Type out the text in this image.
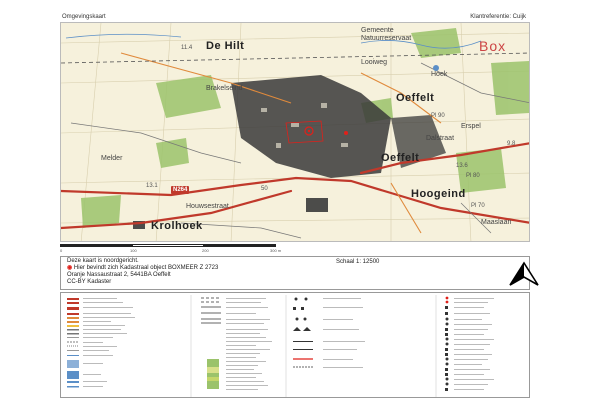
Omgevingskaart	Klantreferentie: Cuijk
De Hilt
Gemeente
Natuurreservaat	Box
11.4
Looiweg
Hoek
Brakelseind
Oeffelt
Pl 90
Erspel
Dalstraat
9.8
Oeffelt
13.6
Pl 80
Melder
13.1
N264	50	Hoogeind
Houwsestraat	Pl 70
Maaslaan
Krolhoek
0	100	200	300 m
Deze kaart is noordgericht.
◉ Hier bevindt zich Kadastraal object BOXMEER Z 2723
Oranje Nassaustraat 2, 5441BA Oeffelt
CC-BY Kadaster
Schaal 1: 12500
